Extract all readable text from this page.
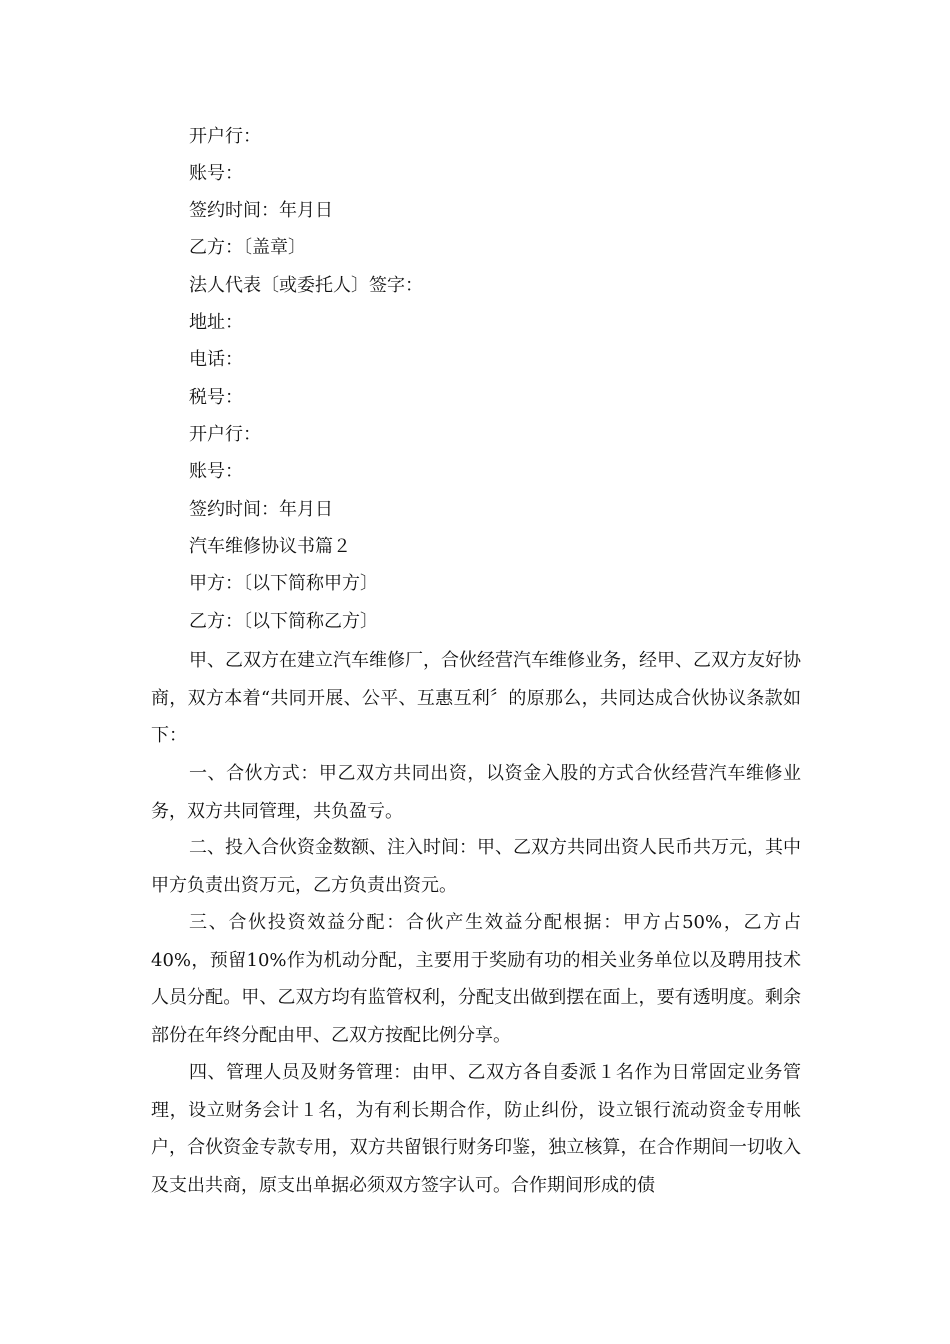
开户行：
账号：
签约时间：年月日
乙方：〔盖章〕
法人代表〔或委托人〕签字：
地址：
电话：
税号：
开户行：
账号：
签约时间：年月日
汽车维修协议书篇２
甲方：〔以下简称甲方〕
乙方：〔以下简称乙方〕

甲、乙双方在建立汽车维修厂，合伙经营汽车维修业务，经甲、乙双方友好协商，双方本着“共同开展、公平、互惠互利〞的原那么，共同达成合伙协议条款如下：

一、合伙方式：甲乙双方共同出资，以资金入股的方式合伙经营汽车维修业务，双方共同管理，共负盈亏。

二、投入合伙资金数额、注入时间：甲、乙双方共同出资人民币共万元，其中甲方负责出资万元，乙方负责出资元。

三、合伙投资效益分配：合伙产生效益分配根据：甲方占50%，乙方占40%，预留10%作为机动分配，主要用于奖励有功的相关业务单位以及聘用技术人员分配。甲、乙双方均有监管权利，分配支出做到摆在面上，要有透明度。剩余部份在年终分配由甲、乙双方按配比例分享。

四、管理人员及财务管理：由甲、乙双方各自委派１名作为日常固定业务管理，设立财务会计１名，为有利长期合作，防止纠份，设立银行流动资金专用帐户，合伙资金专款专用，双方共留银行财务印鉴，独立核算，在合作期间一切收入及支出共商，原支出单据必须双方签字认可。合作期间形成的债
